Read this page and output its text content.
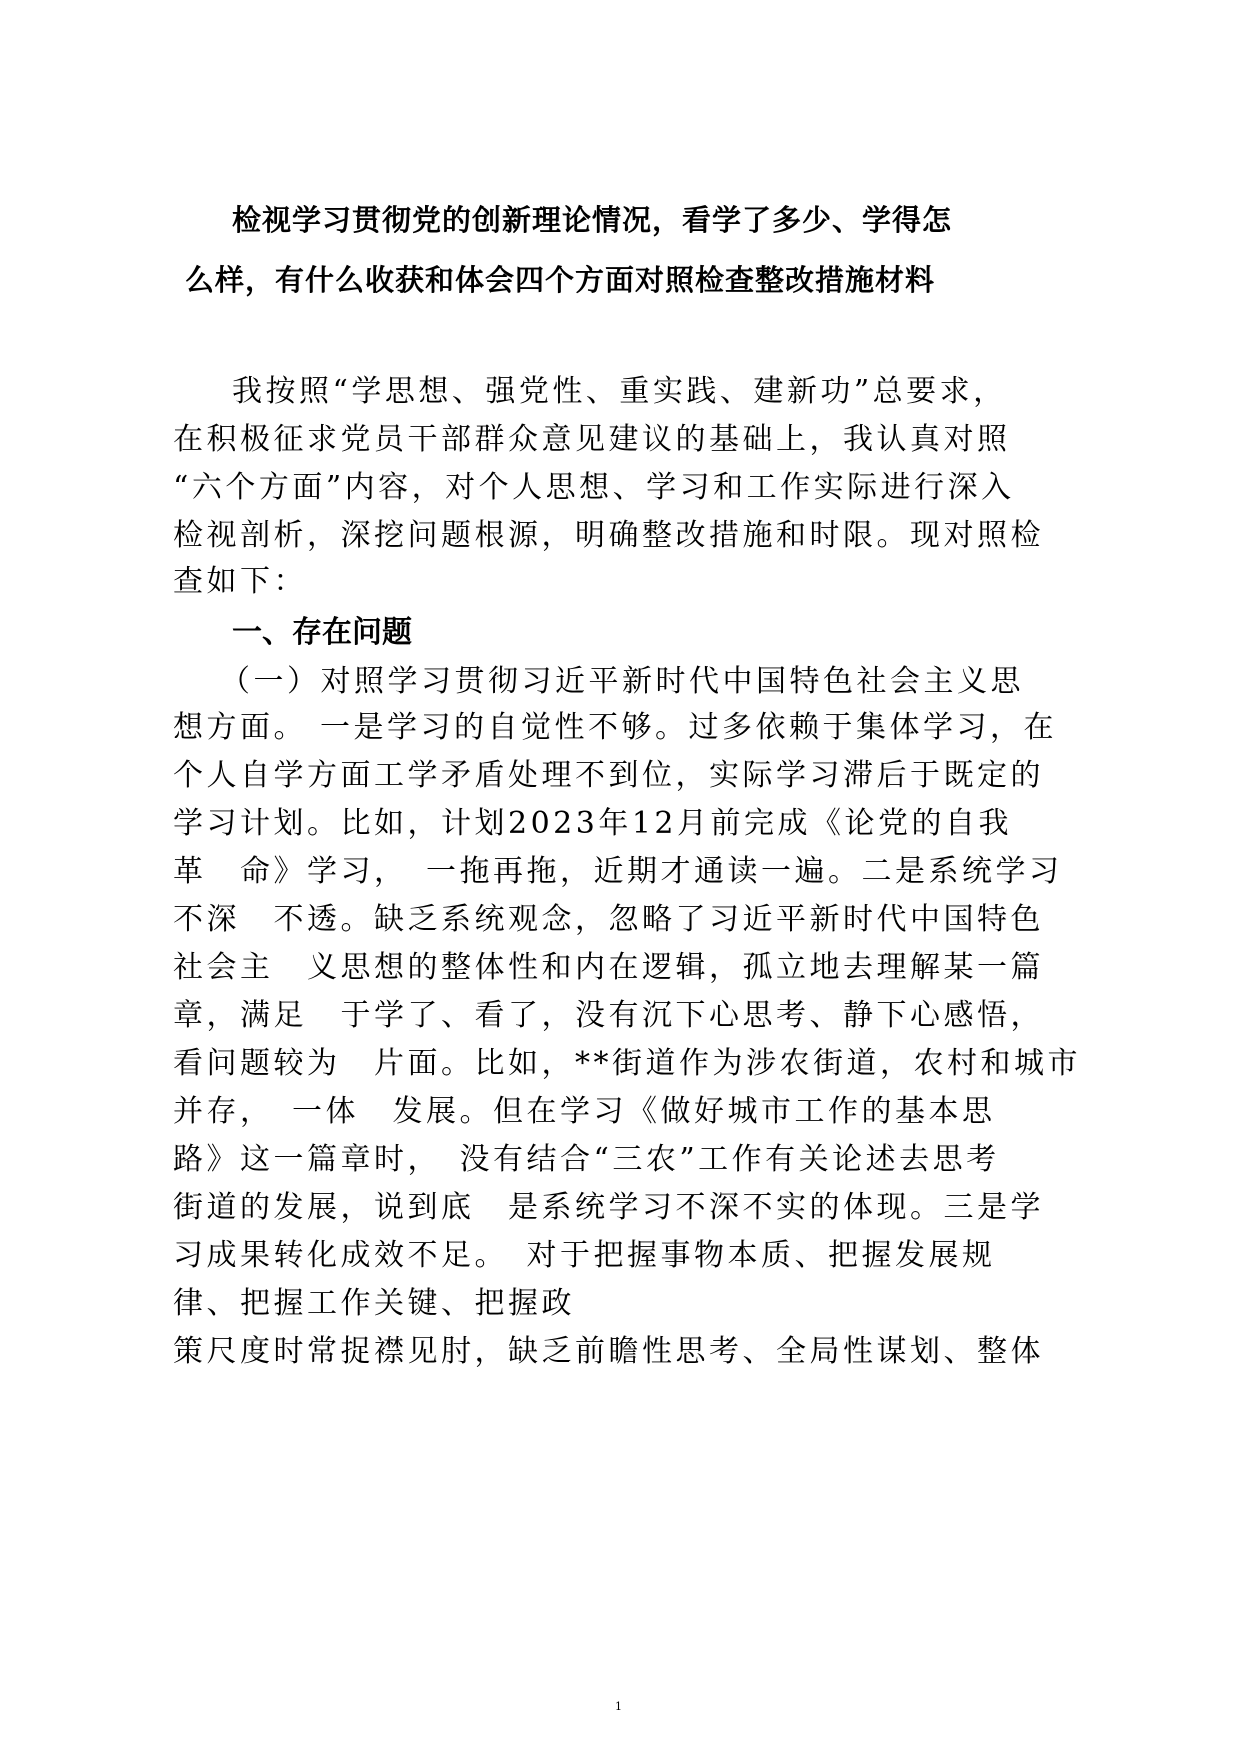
检视学习贯彻党的创新理论情况，看学了多少、学得怎

么样，有什么收获和体会四个方面对照检查整改措施材料

我按照“学思想、强党性、重实践、建新功”总要求，

在积极征求党员干部群众意见建议的基础上，我认真对照

“六个方面”内容，对个人思想、学习和工作实际进行深入

检视剖析，深挖问题根源，明确整改措施和时限。现对照检

查如下：

一、存在问题

（一）对照学习贯彻习近平新时代中国特色社会主义思

想方面。 一是学习的自觉性不够。过多依赖于集体学习，在

个人自学方面工学矛盾处理不到位，实际学习滞后于既定的

学习计划。比如，计划2023年12月前完成《论党的自我

革　命》学习，　一拖再拖，近期才通读一遍。二是系统学习

不深　不透。缺乏系统观念，忽略了习近平新时代中国特色

社会主　义思想的整体性和内在逻辑，孤立地去理解某一篇

章，满足　于学了、看了，没有沉下心思考、静下心感悟，

看问题较为　片面。比如，**街道作为涉农街道，农村和城市

并存，　一体　发展。但在学习《做好城市工作的基本思

路》这一篇章时，　没有结合“三农”工作有关论述去思考

街道的发展，说到底　是系统学习不深不实的体现。三是学

习成果转化成效不足。　对于把握事物本质、把握发展规

律、把握工作关键、把握政

策尺度时常捉襟见肘，缺乏前瞻性思考、全局性谋划、整体

1
